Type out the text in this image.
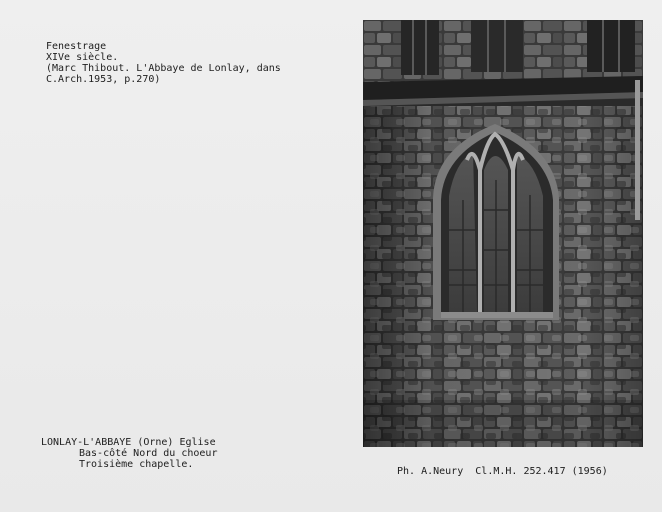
Fenestrage
XIVe siècle.
(Marc Thibout. L'Abbaye de Lonlay, dans
C.Arch.1953, p.270)
LONLAY-L'ABBAYE (Orne) Eglise
Bas-côté Nord du choeur
Troisième chapelle.
Ph. A.Neury Cl.M.H. 252.417 (1956)
